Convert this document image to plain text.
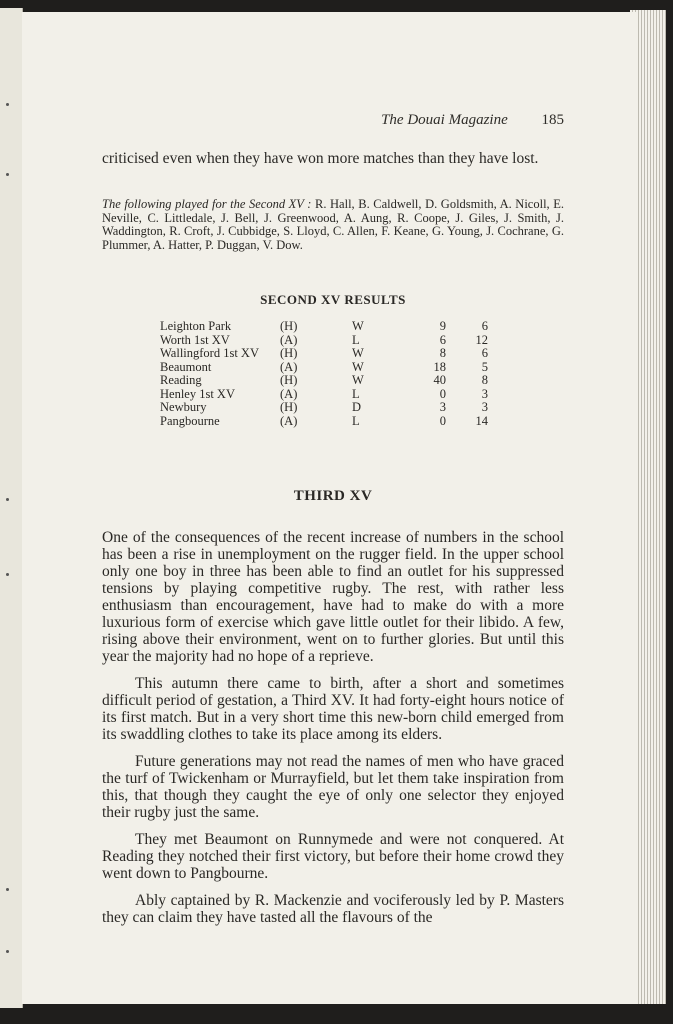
The Douai Magazine 185
criticised even when they have won more matches than they have lost.
The following played for the Second XV : R. Hall, B. Caldwell, D. Goldsmith, A. Nicoll, E. Neville, C. Littledale, J. Bell, J. Greenwood, A. Aung, R. Coope, J. Giles, J. Smith, J. Waddington, R. Croft, J. Cubbidge, S. Lloyd, C. Allen, F. Keane, G. Young, J. Cochrane, G. Plummer, A. Hatter, P. Duggan, V. Dow.
SECOND XV RESULTS
Leighton Park	(H)	W	9	6
Worth 1st XV	(A)	L	6	12
Wallingford 1st XV	(H)	W	8	6
Beaumont	(A)	W	18	5
Reading	(H)	W	40	8
Henley 1st XV	(A)	L	0	3
Newbury	(H)	D	3	3
Pangbourne	(A)	L	0	14
THIRD XV

One of the consequences of the recent increase of numbers in the school has been a rise in unemployment on the rugger field. In the upper school only one boy in three has been able to find an outlet for his suppressed tensions by playing competitive rugby. The rest, with rather less enthusiasm than encouragement, have had to make do with a more luxurious form of exercise which gave little outlet for their libido. A few, rising above their environment, went on to further glories. But until this year the majority had no hope of a reprieve.

This autumn there came to birth, after a short and sometimes difficult period of gestation, a Third XV. It had forty-eight hours notice of its first match. But in a very short time this new-born child emerged from its swaddling clothes to take its place among its elders.

Future generations may not read the names of men who have graced the turf of Twickenham or Murrayfield, but let them take inspiration from this, that though they caught the eye of only one selector they enjoyed their rugby just the same.

They met Beaumont on Runnymede and were not conquered. At Reading they notched their first victory, but before their home crowd they went down to Pangbourne.

Ably captained by R. Mackenzie and vociferously led by P. Masters they can claim they have tasted all the flavours of the
